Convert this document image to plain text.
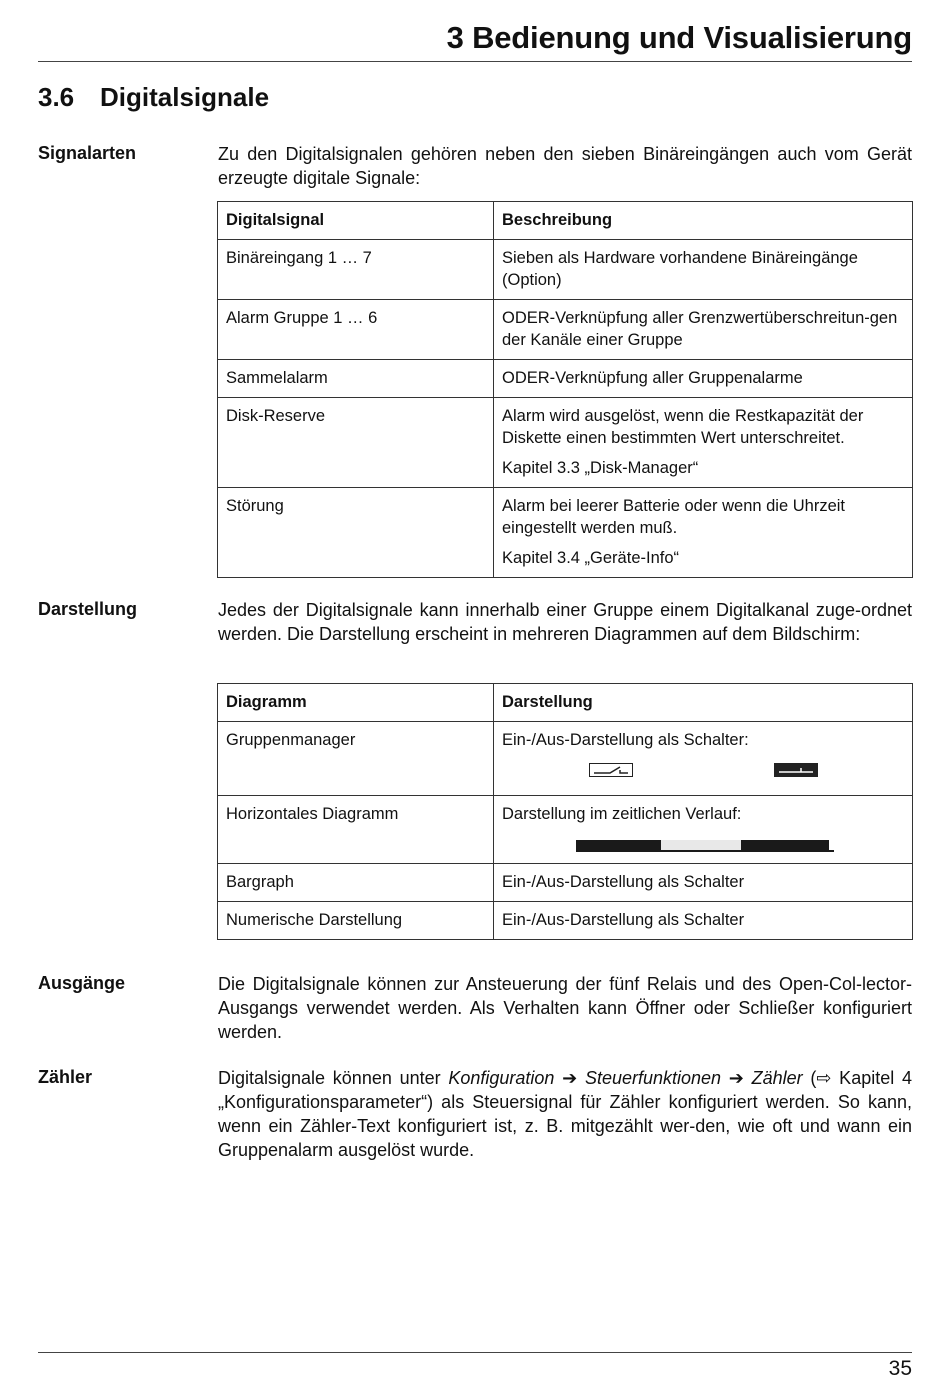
3 Bedienung und Visualisierung
3.6 Digitalsignale
Signalarten	Zu den Digitalsignalen gehören neben den sieben Binäreingängen auch vom Gerät erzeugte digitale Signale:
Digitalsignal	Beschreibung
Binäreingang 1 … 7	Sieben als Hardware vorhandene Binäreingänge (Option)
Alarm Gruppe 1 … 6	ODER-Verknüpfung aller Grenzwertüberschreitun-gen der Kanäle einer Gruppe
Sammelalarm	ODER-Verknüpfung aller Gruppenalarme
Disk-Reserve	Alarm wird ausgelöst, wenn die Restkapazität der Diskette einen bestimmten Wert unterschreitet.
Kapitel 3.3 „Disk-Manager“

Störung	Alarm bei leerer Batterie oder wenn die Uhrzeit eingestellt werden muß.
Kapitel 3.4 „Geräte-Info“
Darstellung	Jedes der Digitalsignale kann innerhalb einer Gruppe einem Digitalkanal zuge-ordnet werden. Die Darstellung erscheint in mehreren Diagrammen auf dem Bildschirm:
Diagramm	Darstellung
Gruppenmanager	Ein-/Aus-Darstellung als Schalter:

Horizontales Diagramm	Darstellung im zeitlichen Verlauf:

Bargraph	Ein-/Aus-Darstellung als Schalter
Numerische Darstellung	Ein-/Aus-Darstellung als Schalter
Ausgänge	Die Digitalsignale können zur Ansteuerung der fünf Relais und des Open-Col-lector-Ausgangs verwendet werden. Als Verhalten kann Öffner oder Schließer konfiguriert werden.
Zähler	Digitalsignale können unter Konfiguration ➔ Steuerfunktionen ➔ Zähler (⇨ Kapitel 4 „Konfigurationsparameter“) als Steuersignal für Zähler konfiguriert werden. So kann, wenn ein Zähler-Text konfiguriert ist, z. B. mitgezählt wer-den, wie oft und wann ein Gruppenalarm ausgelöst wurde.
35
